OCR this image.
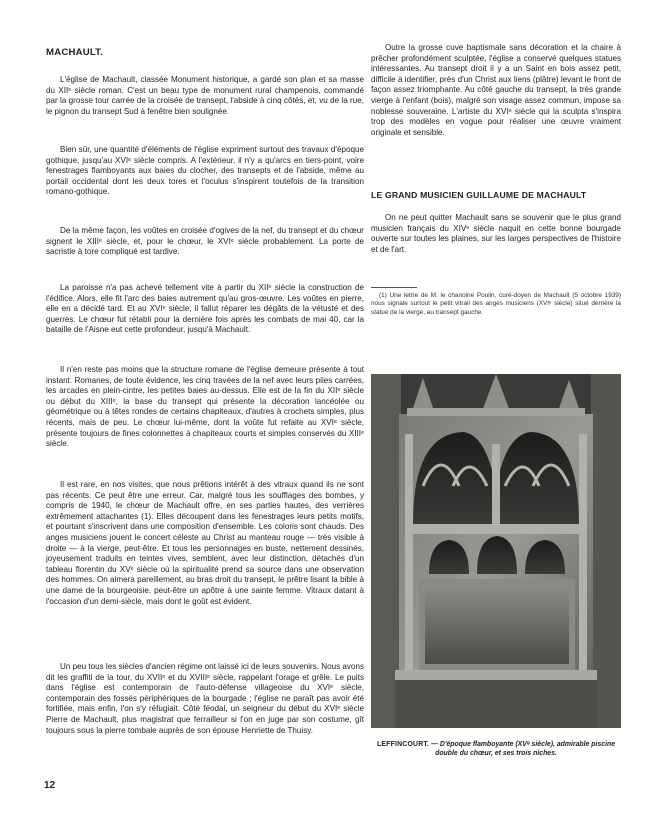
MACHAULT.

L'église de Machault, classée Monument historique, a gardé son plan et sa masse du XIIᵉ siècle roman. C'est un beau type de monument rural champenois, commandé par la grosse tour carrée de la croisée de transept, l'abside à cinq côtés, et, vu de la rue, le pignon du transept Sud à fenêtre bien soulignée.

Bien sûr, une quantité d'éléments de l'église expriment surtout des travaux d'époque gothique, jusqu'au XVIᵉ siècle compris. A l'extérieur, il n'y a qu'arcs en tiers-point, voire fenestrages flamboyants aux baies du clocher, des transepts et de l'abside, même au portail occidental dont les deux tores et l'oculus s'inspirent toutefois de la transition romano-gothique.

De la même façon, les voûtes en croisée d'ogives de la nef, du transept et du chœur signent le XIIIᵉ siècle, et, pour le chœur, le XVIᵉ siècle probablement. La porte de sacristie à tore compliqué est tardive.

La paroisse n'a pas achevé tellement vite à partir du XIIᵉ siècle la construction de l'édifice. Alors, elle fit l'arc des baies autrement qu'au gros-œuvre. Les voûtes en pierre, elle en a décidé tard. Et au XVIᵉ siècle, il fallut réparer les dégâts de la vétusté et des guerres. Le chœur fut rétabli pour la dernière fois après les combats de mai 40, car la bataille de l'Aisne eut cette profondeur, jusqu'à Machault.

Il n'en reste pas moins que la structure romane de l'église demeure présente à tout instant. Romanes, de toute évidence, les cinq travées de la nef avec leurs piles carrées, les arcades en plein-cintre, les petites baies au-dessus. Elle est de la fin du XIIᵉ siècle ou début du XIIIᵉ, la base du transept qui présente la décoration lancéolée ou géométrique ou à têtes rondes de certains chapiteaux, d'autres à crochets simples, plus récents, mais de peu. Le chœur lui-même, dont la voûte fut refaite au XVIᵉ siècle, présente toujours de fines colonnettes à chapiteaux courts et simples conservés du XIIIᵉ siècle.

Il est rare, en nos visites, que nous prêtions intérêt à des vitraux quand ils ne sont pas récents. Ce peut être une erreur. Car, malgré tous les soufflages des bombes, y compris de 1940, le chœur de Machault offre, en ses parties hautes, des verrières extrêmement attachantes (1). Elles découpent dans les fenestrages leurs petits motifs, et pourtant s'inscrivent dans une composition d'ensemble. Les coloris sont chauds. Des anges musiciens jouent le concert céleste au Christ au manteau rouge — très visible à droite — à la vierge, peut-être. Et tous les personnages en buste, nettement dessinés, joyeusement traduits en teintes vives, semblent, avec leur distinction, détachés d'un tableau florentin du XVᵉ siècle où la spiritualité prend sa source dans une observation des hommes. On aimera pareillement, au bras droit du transept, le prêtre lisant la bible à une dame de la bourgeoisie, peut-être un apôtre à une sainte femme. Vitraux datant à l'occasion d'un demi-siècle, mais dont le goût est évident.

Un peu tous les siècles d'ancien régime ont laissé ici de leurs souvenirs. Nous avons dit les graffiti de la tour, du XVIIᵉ et du XVIIIᵉ siècle, rappelant l'orage et grêle. Le puits dans l'église est contemporain de l'auto-défense villageoise du XVIᵉ siècle, contemporain des fossés périphériques de la bourgade ; l'église ne paraît pas avoir été fortifiée, mais enfin, l'on s'y réfugiait. Côté féodal, un seigneur du début du XVIᵉ siècle Pierre de Machault, plus magistrat que ferrailleur si l'on en juge par son costume, gît toujours sous la pierre tombale auprès de son épouse Henriette de Thuisy.

Outre la grosse cuve baptismale sans décoration et la chaire à prêcher profondément sculptée, l'église a conservé quelques statues intéressantes. Au transept droit il y a un Saint en bois assez petit, difficile à identifier, près d'un Christ aux liens (plâtre) levant le front de façon assez triomphante. Au côté gauche du transept, la très grande vierge à l'enfant (bois), malgré son visage assez commun, impose sa noblesse souveraine. L'artiste du XVIᵉ siècle qui la sculpta s'inspira trop des modèles en vogue pour réaliser une œuvre vraiment originale et sensible.

LE GRAND MUSICIEN GUILLAUME DE MACHAULT

On ne peut quitter Machault sans se souvenir que le plus grand musicien français du XIVᵉ siècle naquit en cette bonne bourgade ouverte sur toutes les plaines, sur les larges perspectives de l'histoire et de l'art.

(1) Une lettre de M. le chanoine Poulin, curé-doyen de Machault (5 octobre 1939) nous signale surtout le petit vitrail des anges musiciens (XVIᵉ siècle) situé derrière la statue de la vierge, au transept gauche.

LEFFINCOURT. — D'époque flamboyante (XVᵉ siècle), admirable piscine double du chœur, et ses trois niches.

12
